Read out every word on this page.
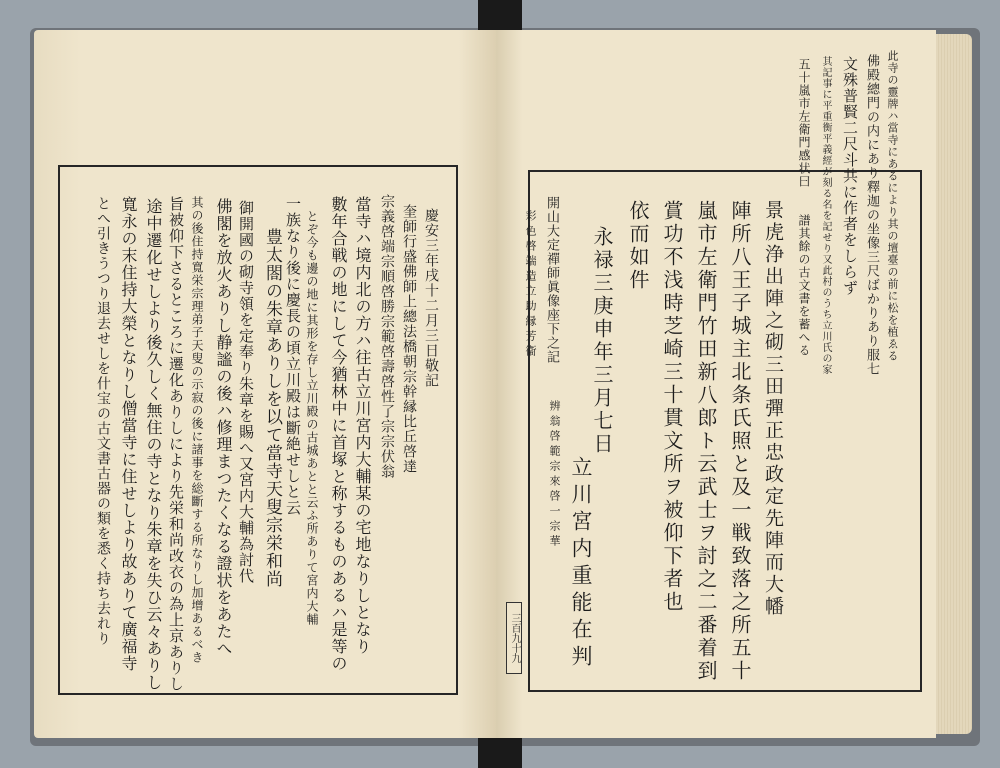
慶安三年戌十二月三日敬記
奎師行盛佛師上總法橋朝宗幹縁比丘啓達
宗義啓端宗順啓勝宗範啓壽啓性了宗宗伏翁
當寺ハ境内北の方ハ往古立川宮内大輔某の宅地なりしとなり
數年合戦の地にして今猶林中に首塚と称するものあるハ是等の
とぞ今も邊の地に其形を存し立川殿の古城あとと云ふ所ありて宮内大輔
一族なり後に慶長の頃立川殿は斷絶せしと云
豊太閤の朱章ありしを以て當寺天叟宗栄和尚
御開國の砌寺領を定奉り朱章を賜へ又宮内大輔為討代
佛閣を放火ありし静謐の後ハ修理まつたくなる證状をあたへ
其の後住持寬栄宗理弟子天叟の示寂の後に諸事を総斷する所なりし加增あるべき
旨被仰下さるところに遷化ありしにより先栄和尚改衣の為上京ありし
途中遷化せしより後久しく無住の寺となり朱章を失ひ云々ありし
寬永の末住持大榮となりし僧當寺に住せしより故ありて廣福寺
とへ引きうつり退去せしを什宝の古文書古器の類を悉く持ち去れり	此寺の靈牌ハ當寺にあるにより其の壇臺の前に松を植ゑる
佛殿總門の内にあり釋迦の坐像三尺ばかりあり服七
文殊普賢二尺斗共に作者をしらず
其記事に平重衡平義經が刻る名を記せり又此村のうち立川氏の家
五十嵐市左衛門感状曰　　譜其餘の古文書を蓄へる
景虎浄出陣之砌三田彈正忠政定先陣而大幡
陣所八王子城主北条氏照と及一戦致落之所五十
嵐市左衛門竹田新八郎ト云武士ヲ討之二番着到
賞功不浅時芝崎三十貫文所ヲ被仰下者也
依而如件
永禄三庚申年三月七日
立川宮内重能在判
開山大定禪師眞像座下之記
彩色啓端造立助縁芳衞
辨翁啓範宗來啓一宗華
三百九十九
